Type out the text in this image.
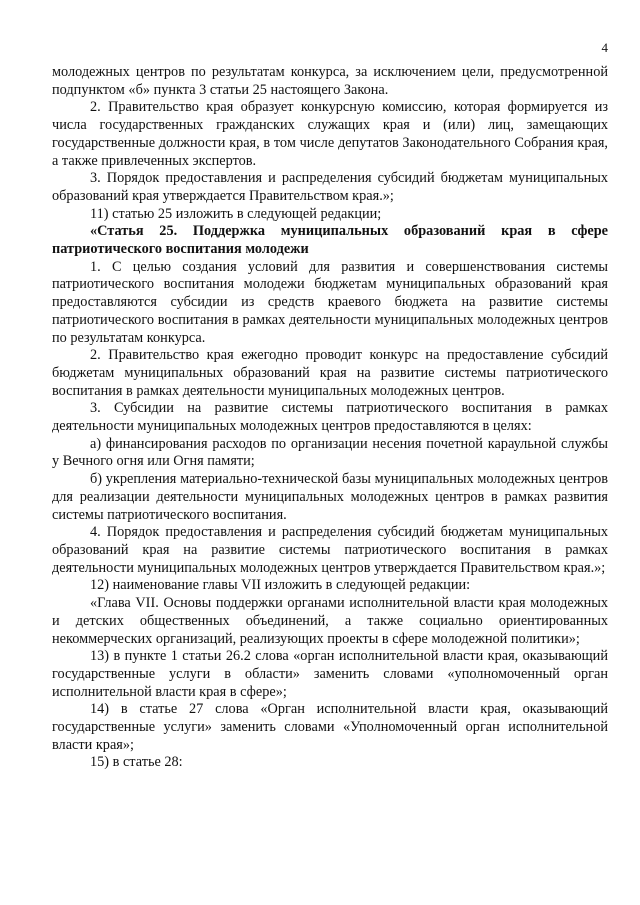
4

молодежных центров по результатам конкурса, за исключением цели, предусмотренной подпунктом «б» пункта 3 статьи 25 настоящего Закона.

2. Правительство края образует конкурсную комиссию, которая формируется из числа государственных гражданских служащих края и (или) лиц, замещающих государственные должности края, в том числе депутатов Законодательного Собрания края, а также привлеченных экспертов.

3. Порядок предоставления и распределения субсидий бюджетам муниципальных образований края утверждается Правительством края.»;

11) статью 25 изложить в следующей редакции;

«Статья 25. Поддержка муниципальных образований края в сфере патриотического воспитания молодежи

1. С целью создания условий для развития и совершенствования системы патриотического воспитания молодежи бюджетам муниципальных образований края предоставляются субсидии из средств краевого бюджета на развитие системы патриотического воспитания в рамках деятельности муниципальных молодежных центров по результатам конкурса.

2. Правительство края ежегодно проводит конкурс на предоставление субсидий бюджетам муниципальных образований края на развитие системы патриотического воспитания в рамках деятельности муниципальных молодежных центров.

3. Субсидии на развитие системы патриотического воспитания в рамках деятельности муниципальных молодежных центров предоставляются в целях:

а) финансирования расходов по организации несения почетной караульной службы у Вечного огня или Огня памяти;

б) укрепления материально-технической базы муниципальных молодежных центров для реализации деятельности муниципальных молодежных центров в рамках развития системы патриотического воспитания.

4. Порядок предоставления и распределения субсидий бюджетам муниципальных образований края на развитие системы патриотического воспитания в рамках деятельности муниципальных молодежных центров утверждается Правительством края.»;

12) наименование главы VII изложить в следующей редакции:

«Глава VII. Основы поддержки органами исполнительной власти края молодежных и детских общественных объединений, а также социально ориентированных некоммерческих организаций, реализующих проекты в сфере молодежной политики»;

13) в пункте 1 статьи 26.2 слова «орган исполнительной власти края, оказывающий государственные услуги в области» заменить словами «уполномоченный орган исполнительной власти края в сфере»;

14) в статье 27 слова «Орган исполнительной власти края, оказывающий государственные услуги» заменить словами «Уполномоченный орган исполнительной власти края»;

15) в статье 28:
